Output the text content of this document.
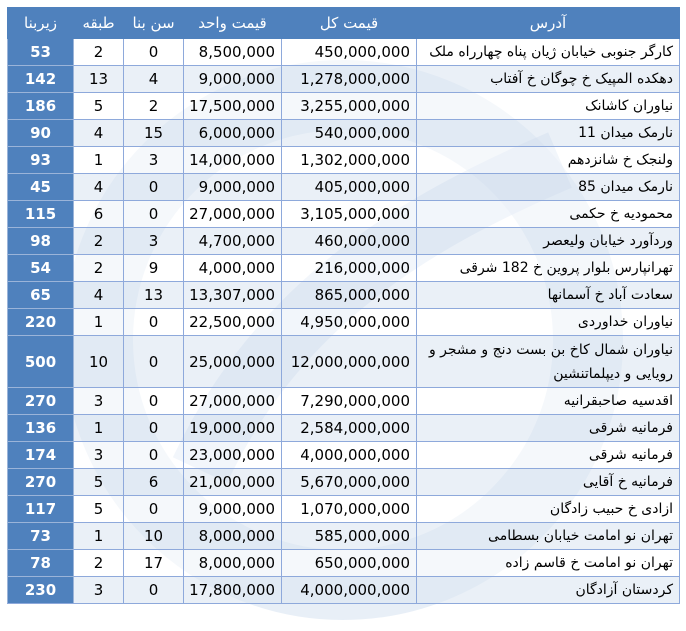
زیربنا	طبقه	سن بنا	قیمت واحد	قیمت کل	آدرس
53	2	0	8,500,000	450,000,000	کارگر جنوبی خیابان ژیان پناه چهارراه ملک
142	13	4	9,000,000	1,278,000,000	دهکده المپیک خ چوگان خ آفتاب
186	5	2	17,500,000	3,255,000,000	نیاوران کاشانک
90	4	15	6,000,000	540,000,000	نارمک میدان 11
93	1	3	14,000,000	1,302,000,000	ولنجک خ شانزدهم
45	4	0	9,000,000	405,000,000	نارمک میدان 85
115	6	0	27,000,000	3,105,000,000	محمودیه خ حکمی
98	2	3	4,700,000	460,000,000	وردآورد خیابان ولیعصر
54	2	9	4,000,000	216,000,000	تهرانپارس بلوار پروین خ 182 شرقی
65	4	13	13,307,000	865,000,000	سعادت آباد خ آسمانها
220	1	0	22,500,000	4,950,000,000	نیاوران خداوردی
500	10	0	25,000,000	12,000,000,000	نیاوران شمال کاخ بن بست دنج و مشجر و رویایی و دیپلماتنشین
270	3	0	27,000,000	7,290,000,000	اقدسیه صاحبقرانیه
136	1	0	19,000,000	2,584,000,000	فرمانیه شرقی
174	3	0	23,000,000	4,000,000,000	فرمانیه شرقی
270	5	6	21,000,000	5,670,000,000	فرمانیه خ آقایی
117	5	0	9,000,000	1,070,000,000	ازادی خ حبیب زادگان
73	1	10	8,000,000	585,000,000	تهران نو امامت خیابان بسطامی
78	2	17	8,000,000	650,000,000	تهران نو امامت خ قاسم زاده
230	3	0	17,800,000	4,000,000,000	کردستان آزادگان
